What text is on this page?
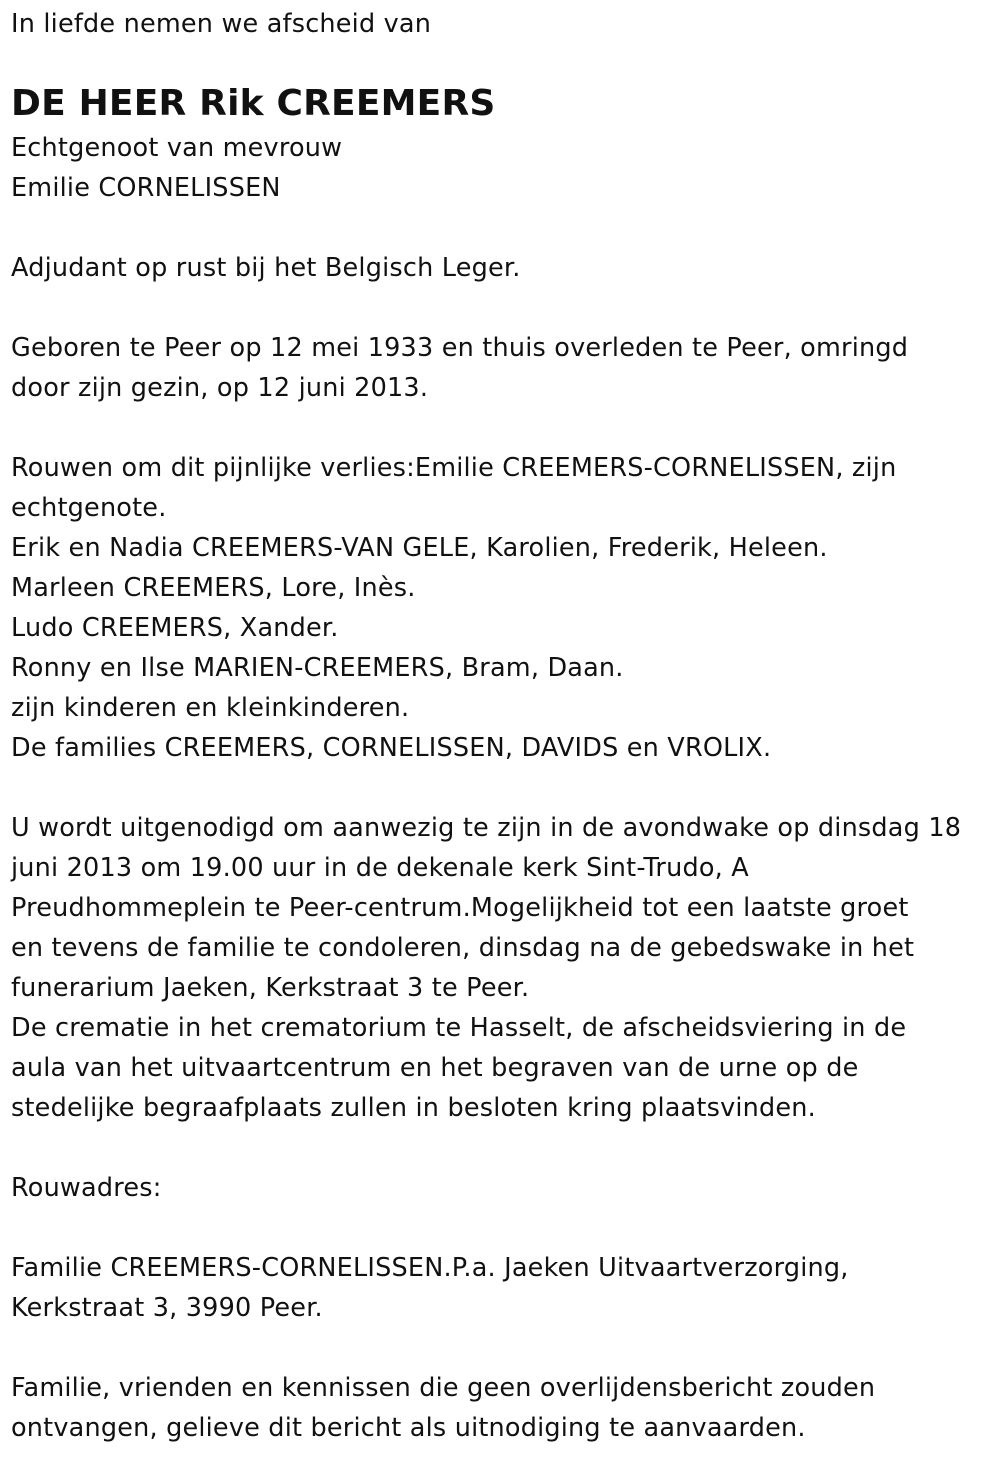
In liefde nemen we afscheid van

DE HEER Rik CREEMERS

Echtgenoot van mevrouw

Emilie CORNELISSEN

Adjudant op rust bij het Belgisch Leger.

Geboren te Peer op 12 mei 1933 en thuis overleden te Peer, omringd

door zijn gezin, op 12 juni 2013.

Rouwen om dit pijnlijke verlies:Emilie CREEMERS-CORNELISSEN, zijn

echtgenote.

Erik en Nadia CREEMERS-VAN GELE, Karolien, Frederik, Heleen.

Marleen CREEMERS, Lore, Inès.

Ludo CREEMERS, Xander.

Ronny en Ilse MARIEN-CREEMERS, Bram, Daan.

zijn kinderen en kleinkinderen.

De families CREEMERS, CORNELISSEN, DAVIDS en VROLIX.

U wordt uitgenodigd om aanwezig te zijn in de avondwake op dinsdag 18

juni 2013 om 19.00 uur in de dekenale kerk Sint-Trudo, A

Preudhommeplein te Peer-centrum.Mogelijkheid tot een laatste groet

en tevens de familie te condoleren, dinsdag na de gebedswake in het

funerarium Jaeken, Kerkstraat 3 te Peer.

De crematie in het crematorium te Hasselt, de afscheidsviering in de

aula van het uitvaartcentrum en het begraven van de urne op de

stedelijke begraafplaats zullen in besloten kring plaatsvinden.

Rouwadres:

Familie CREEMERS-CORNELISSEN.P.a. Jaeken Uitvaartverzorging,

Kerkstraat 3, 3990 Peer.

Familie, vrienden en kennissen die geen overlijdensbericht zouden

ontvangen, gelieve dit bericht als uitnodiging te aanvaarden.
